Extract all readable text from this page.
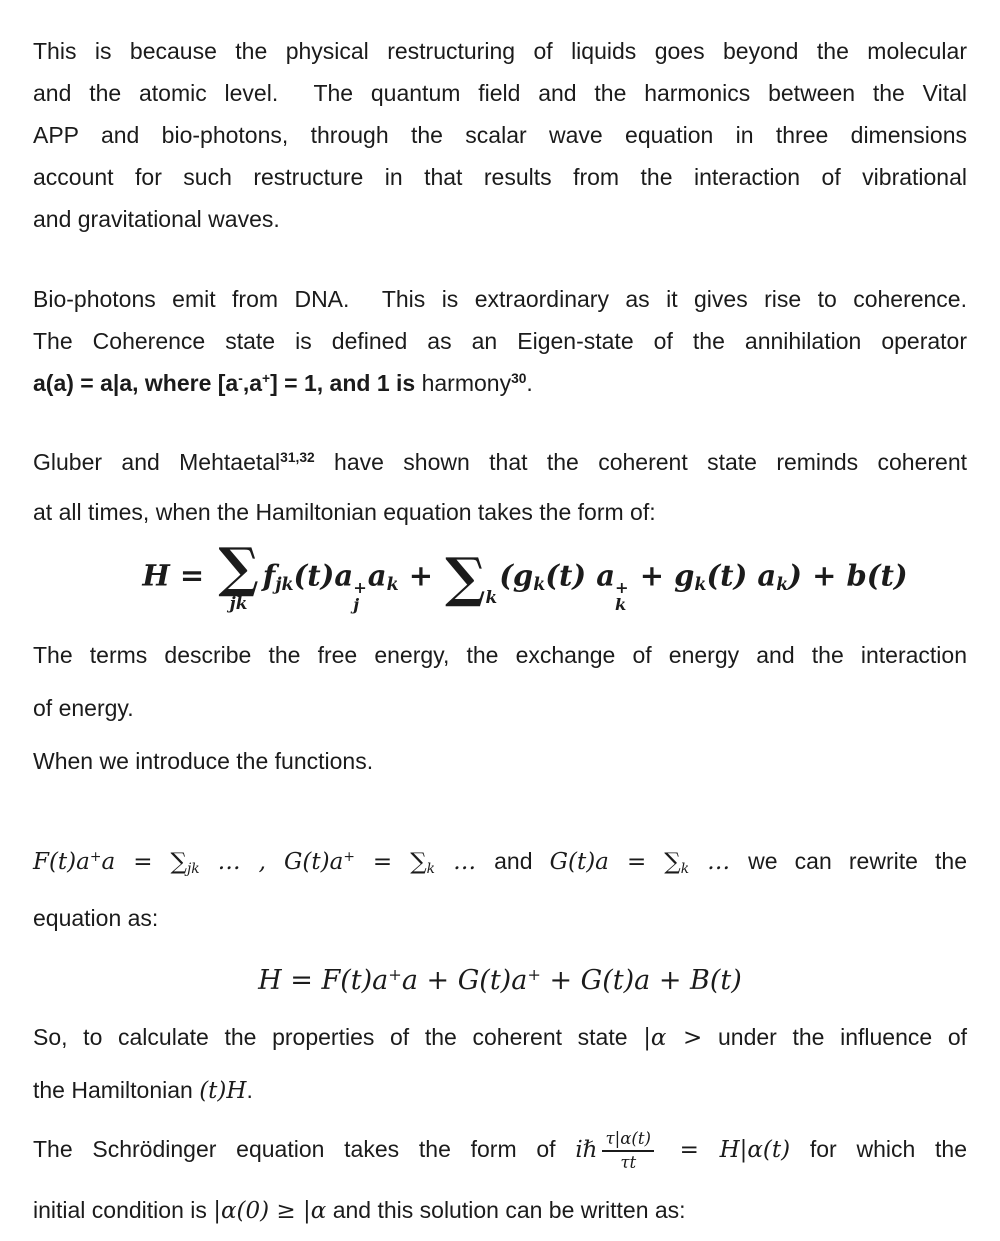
This is because the physical restructuring of liquids goes beyond the molecular
and the atomic level.  The quantum field and the harmonics between the Vital
APP and bio-photons, through the scalar wave equation in three dimensions
account for such restructure in that results from the interaction of vibrational
and gravitational waves.
Bio-photons emit from DNA.  This is extraordinary as it gives rise to coherence.
The Coherence state is defined as an Eigen-state of the annihilation operator
a(a) = a|a, where [a-,a+] = 1, and 1 is harmony$^{30}$.
Gluber and Mehtaetal$^{31,32}$ have shown that the coherent state reminds coherent
at all times, when the Hamiltonian equation takes the form of:
H = ∑
jk
$f_{jk}(t)a$ +
j
$a_k$ + ∑ k
($g_k(t) a$ +
k
+ $g_k(t) a_k) + b(t)$
The terms describe the free energy, the exchange of energy and the interaction
of energy.
When we introduce the functions.
$F(t)a^+a = \sum_{jk}$ … , $G(t)a^+ = \sum_k$ … and $G(t)a = \sum_k$ … we can rewrite the
equation as:
H = F(t)a+a + G(t)a+ + G(t)a + B(t)
So, to calculate the properties of the coherent state |α > under the influence of
the Hamiltonian (t)H.
The Schrödinger equation takes the form of iℏ $\frac{\tau|\alpha(t)}{\tau t} = H|\alpha(t)$ for which the
initial condition is |α(0) ≥ |α and this solution can be written as:
